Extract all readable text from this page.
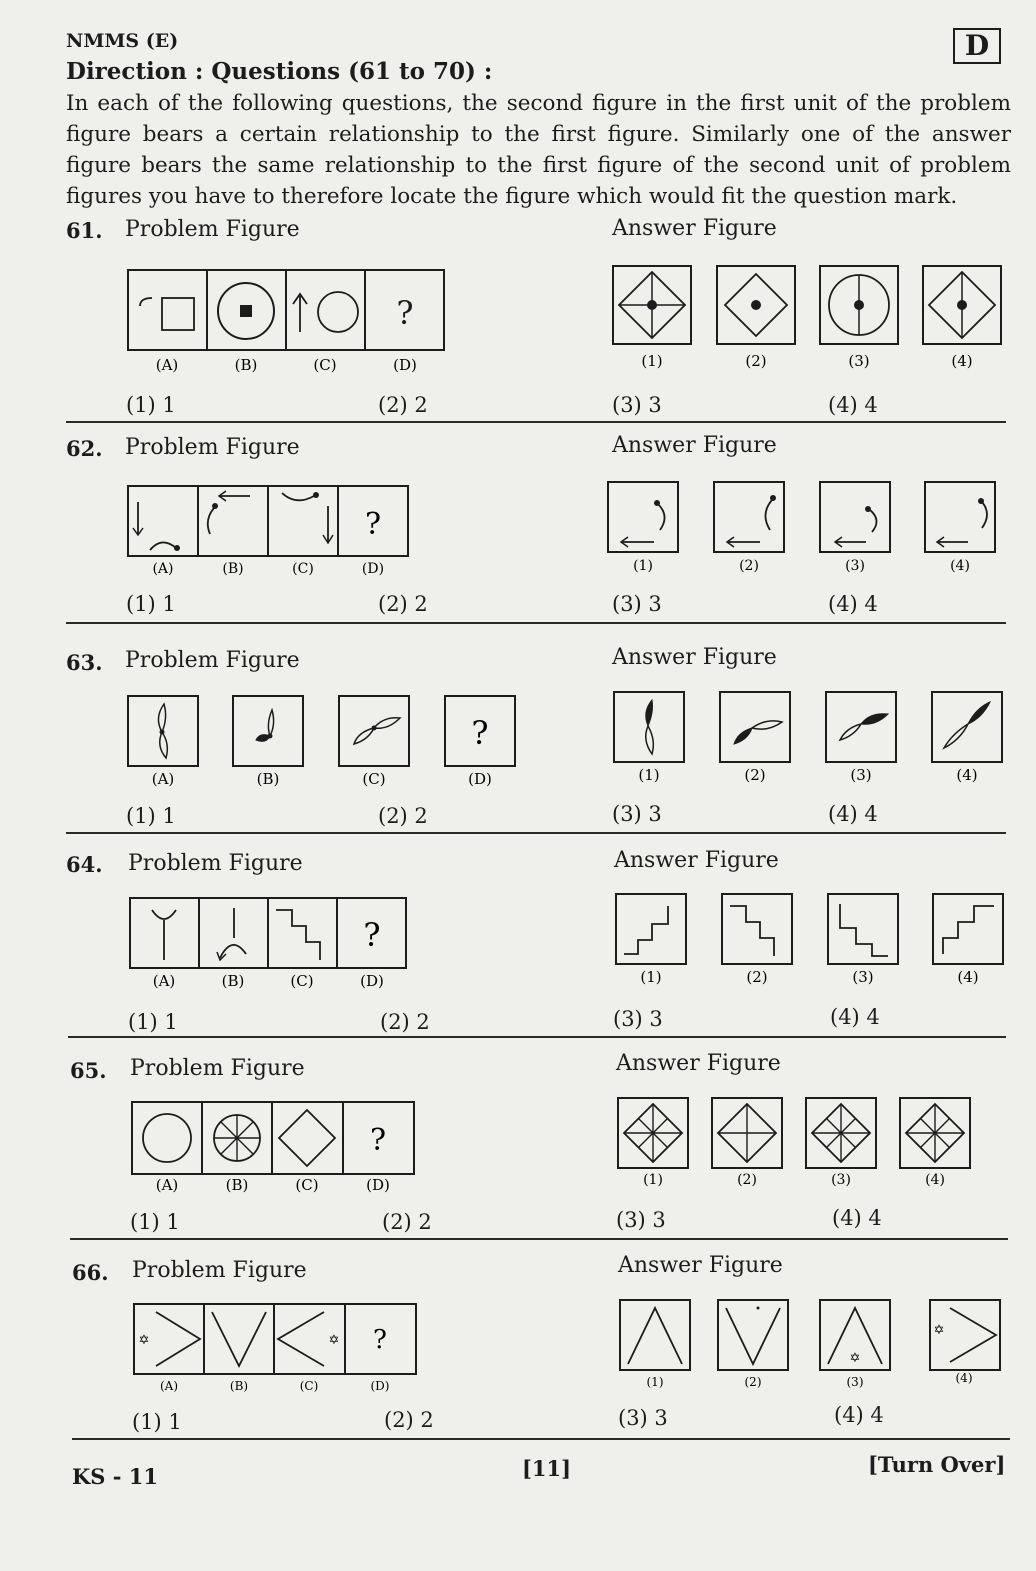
NMMS (E)	D
Direction : Questions (61 to 70) :
In each of the following questions, the second figure in the first unit of the problem figure bears a certain relationship to the first figure. Similarly one of the answer figure bears the same relationship to the first figure of the second unit of problem figures you have to therefore locate the figure which would fit the question mark.
61. Problem Figure	Answer Figure
?
(A)	(B)	(C)	(D)	(1)	(2)	(3)	(4)
(1) 1	(2) 2	(3) 3	(4) 4
62. Problem Figure	Answer Figure
?
(A)	(B)	(C)	(D)	(1)	(2)	(3)	(4)
(1) 1	(2) 2	(3) 3	(4) 4
63. Problem Figure	Answer Figure
?
(A)	(B)	(C)	(D)	(1)	(2)	(3)	(4)
(1) 1	(2) 2	(3) 3	(4) 4
64. Problem Figure	Answer Figure
?
(A)	(B)	(C)	(D)	(1)	(2)	(3)	(4)
(1) 1	(2) 2	(3) 3	(4) 4
65. Problem Figure	Answer Figure
?
(A)	(B)	(C)	(D)	(1)	(2)	(3)	(4)
(1) 1	(2) 2	(3) 3	(4) 4
66. Problem Figure	Answer Figure
✡	✡ ?
(A)	(B)	(C)	(D)
✡
✡
(1)	(2)	(3)	(4)
(1) 1	(2) 2	(3) 3	(4) 4
KS - 11	[11]	[Turn Over]
